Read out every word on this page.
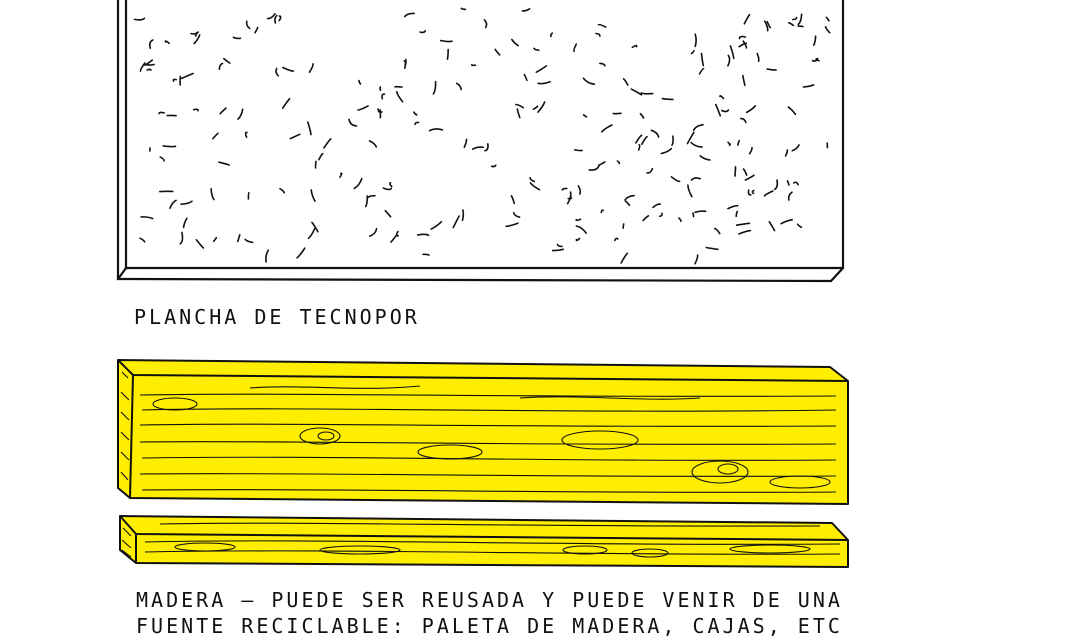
PLANCHA DE TECNOPOR
MADERA – PUEDE SER REUSADA Y PUEDE VENIR DE UNA
FUENTE RECICLABLE: PALETA DE MADERA, CAJAS, ETC
